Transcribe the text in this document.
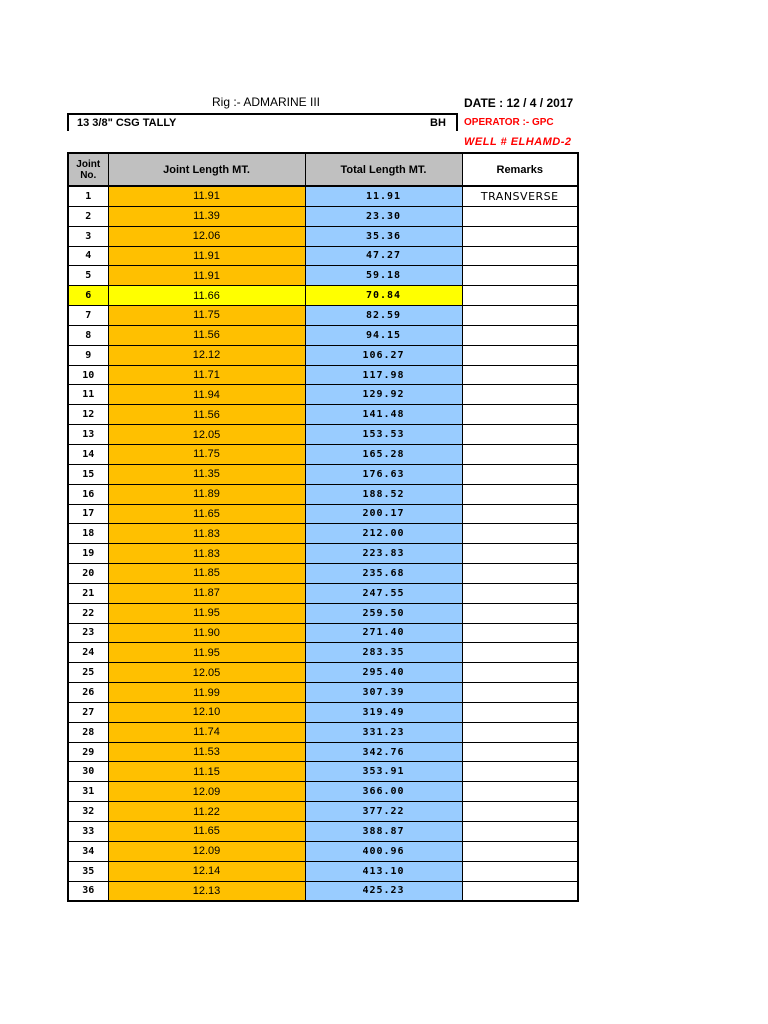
Rig :- ADMARINE III	DATE : 12 / 4 / 2017
13 3/8" CSG TALLY	BH OPERATOR :- GPC
WELL # ELHAMD-2
Joint No.	Joint Length MT.	Total Length MT.	Remarks
1	11.91	11.91	TRANSVERSE
2	11.39	23.30	
3	12.06	35.36	
4	11.91	47.27	
5	11.91	59.18	
6	11.66	70.84	
7	11.75	82.59	
8	11.56	94.15	
9	12.12	106.27	
10	11.71	117.98	
11	11.94	129.92	
12	11.56	141.48	
13	12.05	153.53	
14	11.75	165.28	
15	11.35	176.63	
16	11.89	188.52	
17	11.65	200.17	
18	11.83	212.00	
19	11.83	223.83	
20	11.85	235.68	
21	11.87	247.55	
22	11.95	259.50	
23	11.90	271.40	
24	11.95	283.35	
25	12.05	295.40	
26	11.99	307.39	
27	12.10	319.49	
28	11.74	331.23	
29	11.53	342.76	
30	11.15	353.91	
31	12.09	366.00	
32	11.22	377.22	
33	11.65	388.87	
34	12.09	400.96	
35	12.14	413.10	
36	12.13	425.23	
